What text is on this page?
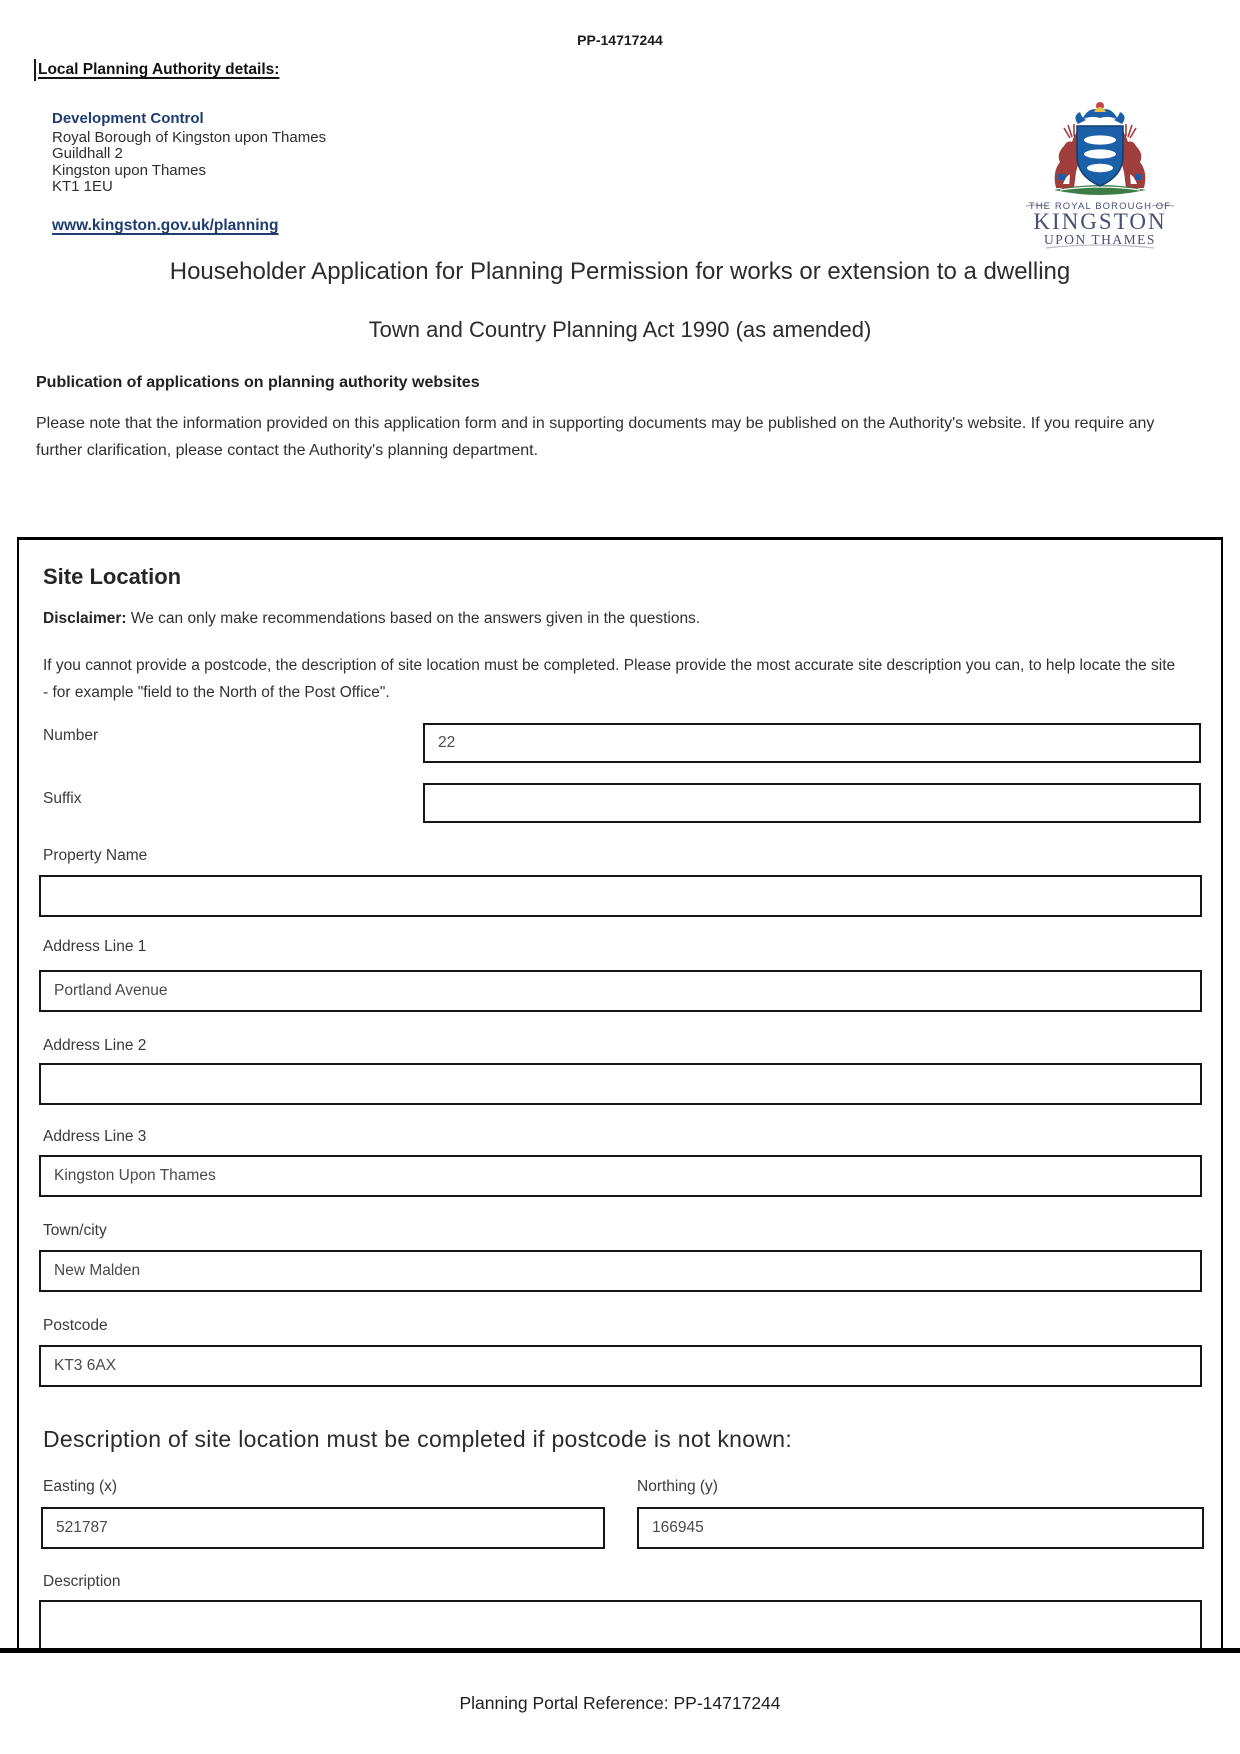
PP-14717244
Local Planning Authority details:
Development Control
Royal Borough of Kingston upon Thames
Guildhall 2
Kingston upon Thames
KT1 1EU
www.kingston.gov.uk/planning
THE ROYAL BOROUGH OF
KINGSTON
UPON THAMES
Householder Application for Planning Permission for works or extension to a dwelling
Town and Country Planning Act 1990 (as amended)
Publication of applications on planning authority websites
Please note that the information provided on this application form and in supporting documents may be published on the Authority's website. If you require any further clarification, please contact the Authority's planning department.
Site Location
Disclaimer: We can only make recommendations based on the answers given in the questions.
If you cannot provide a postcode, the description of site location must be completed. Please provide the most accurate site description you can, to help locate the site - for example "field to the North of the Post Office".
Number
22
Suffix
Property Name
Address Line 1
Portland Avenue
Address Line 2
Address Line 3
Kingston Upon Thames
Town/city
New Malden
Postcode
KT3 6AX
Description of site location must be completed if postcode is not known:
Easting (x)	Northing (y)
521787
166945
Description
Planning Portal Reference: PP-14717244
